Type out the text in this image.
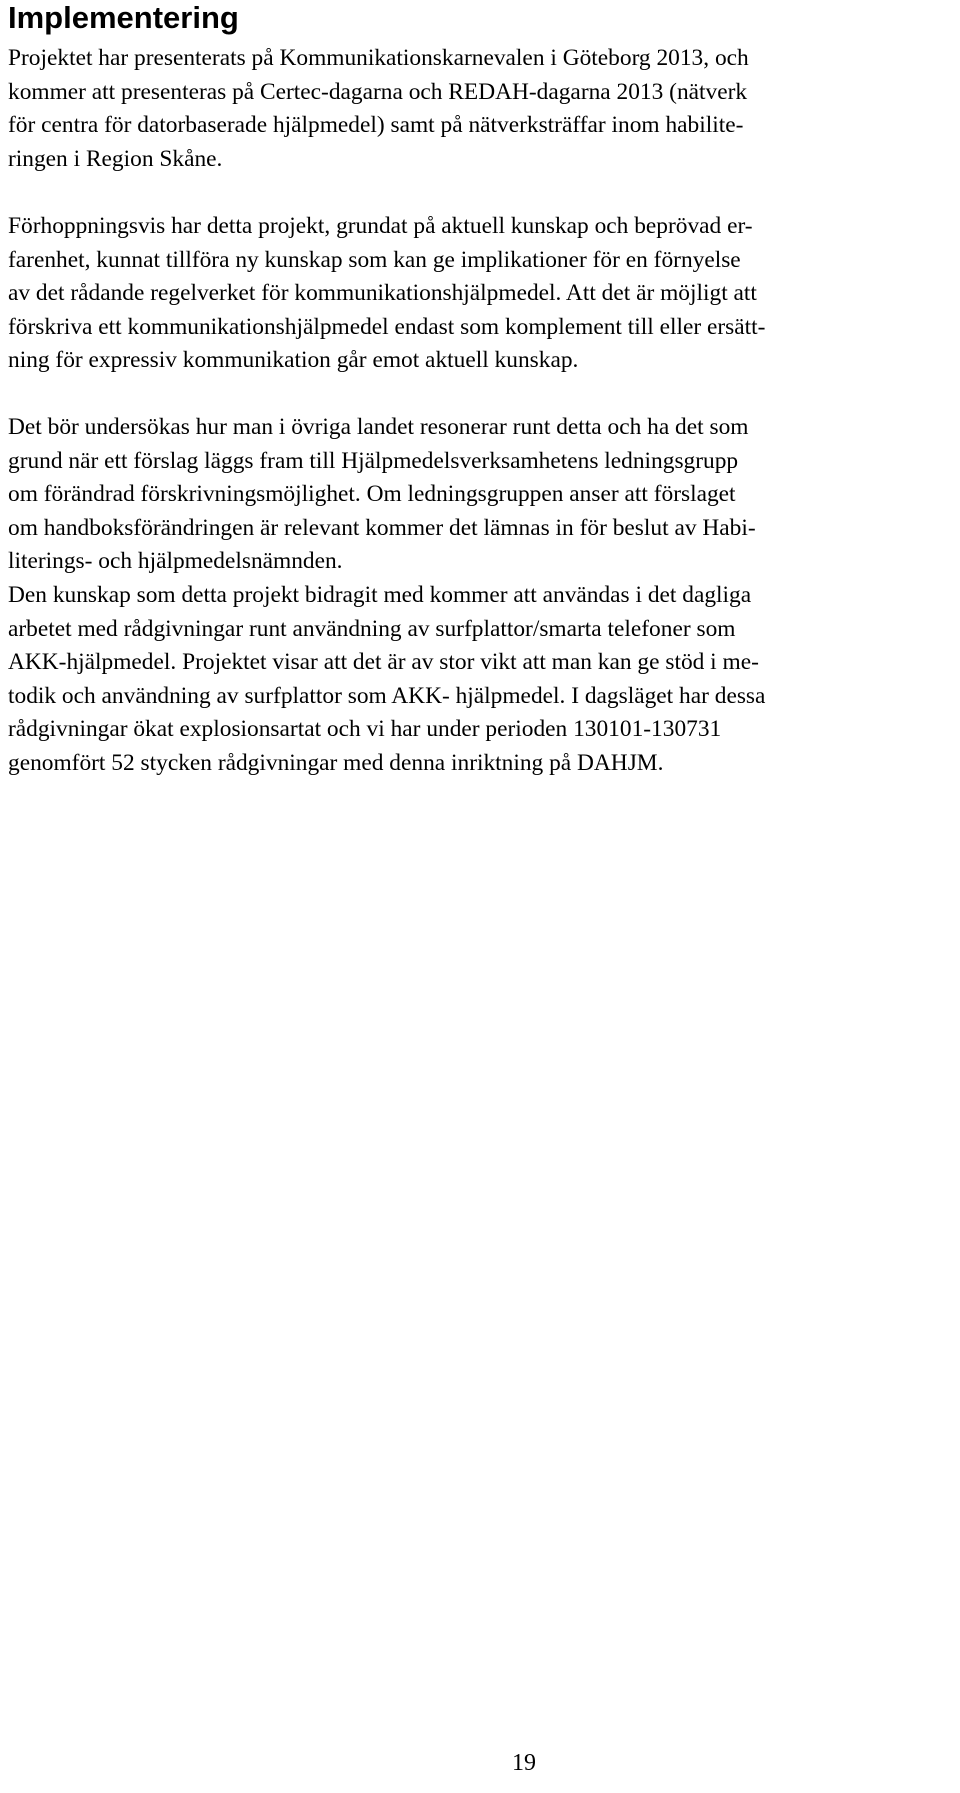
Implementering

Projektet har presenterats på Kommunikationskarnevalen i Göteborg 2013, och
kommer att presenteras på Certec-dagarna och REDAH-dagarna 2013 (nätverk
för centra för datorbaserade hjälpmedel) samt på nätverksträffar inom habilite-
ringen i Region Skåne.

Förhoppningsvis har detta projekt, grundat på aktuell kunskap och beprövad er-
farenhet, kunnat tillföra ny kunskap som kan ge implikationer för en förnyelse
av det rådande regelverket för kommunikationshjälpmedel. Att det är möjligt att
förskriva ett kommunikationshjälpmedel endast som komplement till eller ersätt-
ning för expressiv kommunikation går emot aktuell kunskap.

Det bör undersökas hur man i övriga landet resonerar runt detta och ha det som
grund när ett förslag läggs fram till Hjälpmedelsverksamhetens ledningsgrupp
om förändrad förskrivningsmöjlighet. Om ledningsgruppen anser att förslaget
om handboksförändringen är relevant kommer det lämnas in för beslut av Habi-
literings- och hjälpmedelsnämnden.

Den kunskap som detta projekt bidragit med kommer att användas i det dagliga
arbetet med rådgivningar runt användning av surfplattor/smarta telefoner som
AKK-hjälpmedel. Projektet visar att det är av stor vikt att man kan ge stöd i me-
todik och användning av surfplattor som AKK- hjälpmedel. I dagsläget har dessa
rådgivningar ökat explosionsartat och vi har under perioden 130101-130731
genomfört 52 stycken rådgivningar med denna inriktning på DAHJM.

19
